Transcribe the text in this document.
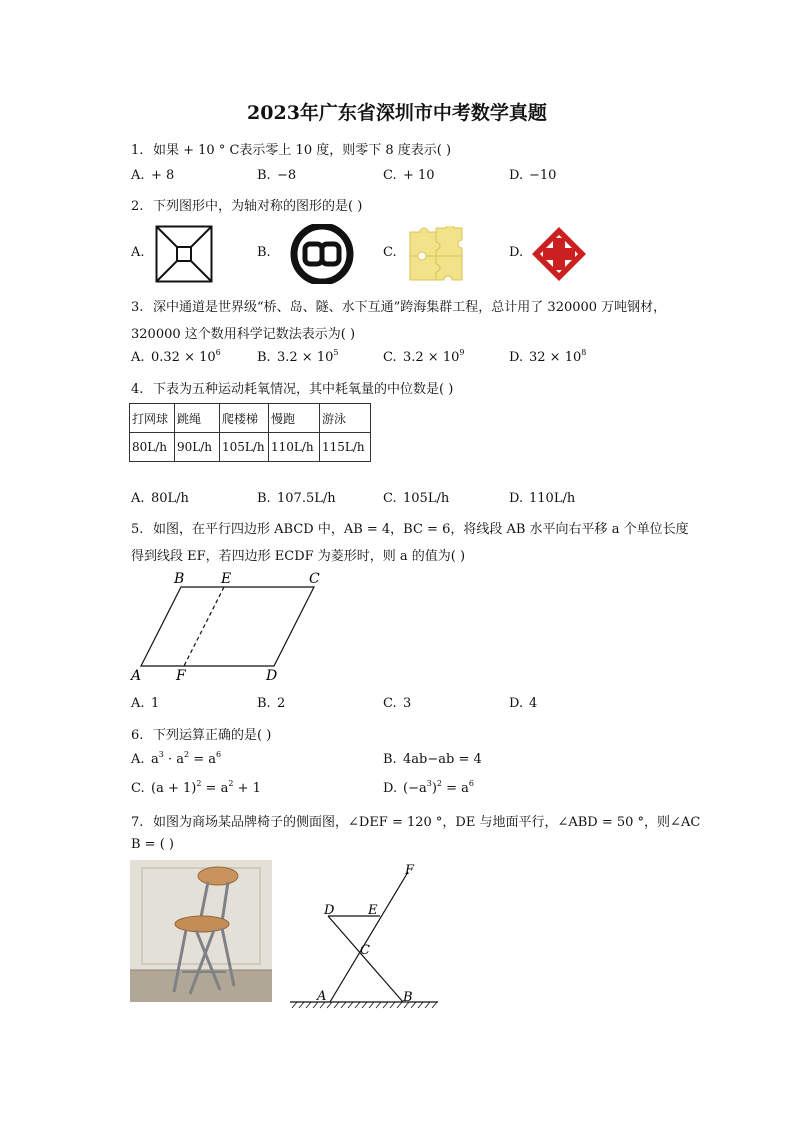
2023年广东省深圳市中考数学真题
1. 如果 + 10 ° C表示零上 10 度，则零下 8 度表示( )
A. + 8	B. −8	C. + 10	D. −10
2. 下列图形中，为轴对称的图形的是( )
A.	B.	C.	D.
3. 深中通道是世界级“桥、岛、隧、水下互通”跨海集群工程，总计用了 320000 万吨钢材，
320000 这个数用科学记数法表示为( )
A. $0.32 \times 10^6$	B. $3.2 \times 10^5$	C. $3.2 \times 10^9$	D. $32 \times 10^8$
4. 下表为五种运动耗氧情况，其中耗氧量的中位数是( )
打网球	跳绳	爬楼梯	慢跑	游泳
80L/h	90L/h	105L/h	110L/h	115L/h
A. 80L/h	B. 107.5L/h	C. 105L/h	D. 110L/h
5. 如图，在平行四边形 ABCD 中，AB = 4，BC = 6，将线段 AB 水平向右平移 a 个单位长度
得到线段 EF，若四边形 ECDF 为菱形时，则 a 的值为( )
B	E	C
A F	D
A. 1	B. 2	C. 3	D. 4
6. 下列运算正确的是( )
A. $a^3 \cdot a^2 = a^6$	B. 4ab−ab = 4
C. $(a + 1)^2 = a^2 + 1$	D. $(-a^3)^2 = a^6$
7. 如图为商场某品牌椅子的侧面图，∠DEF = 120 °，DE 与地面平行，∠ABD = 50 °，则∠AC
B = ( )
F
D	E
C
A	B
